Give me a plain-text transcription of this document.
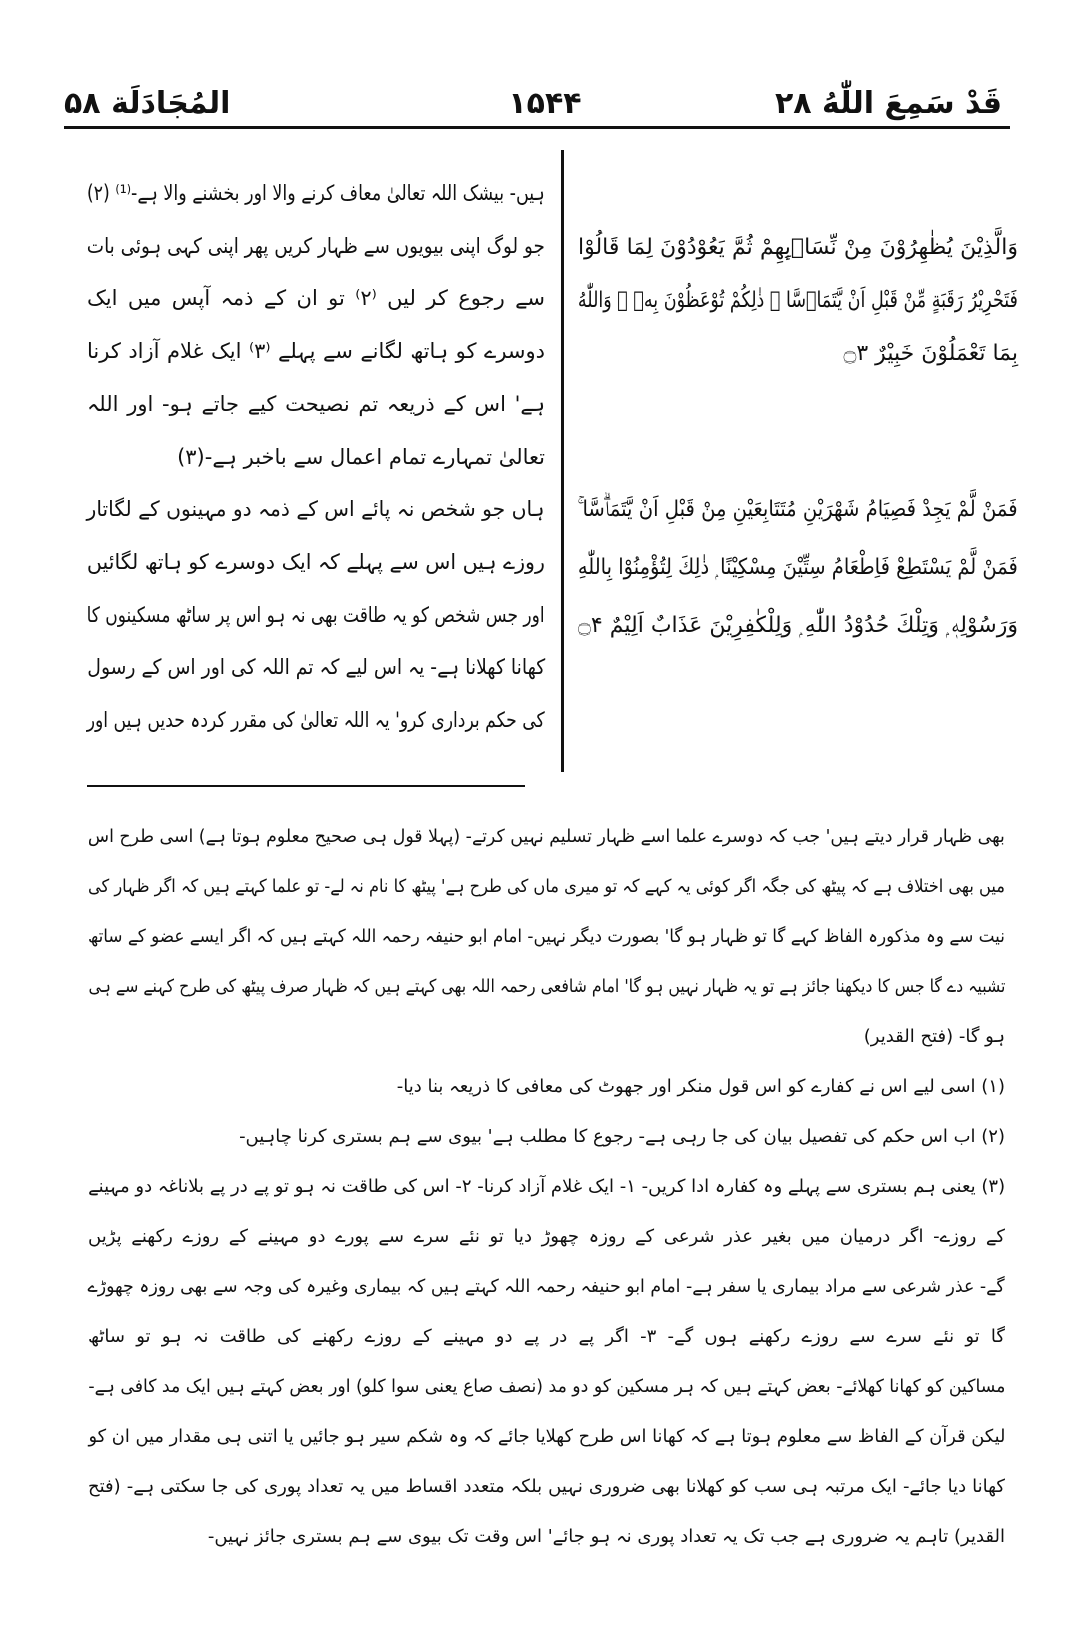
قَدْ سَمِعَ اللّٰهُ ۲۸
۱۵۴۴
المُجَادَلَة ۵۸
وَالَّذِيْنَ يُظٰهِرُوْنَ مِنْ نِّسَاۗىِٕهِمْ ثُمَّ يَعُوْدُوْنَ لِمَا قَالُوْا
فَتَحْرِيْرُ رَقَبَةٍ مِّنْ قَبْلِ اَنْ يَّتَمَاۗسَّا ۭ ذٰلِكُمْ تُوْعَظُوْنَ بِهٖ ۭ وَاللّٰهُ
بِمَا تَعْمَلُوْنَ خَبِيْرٌ ۝۳
فَمَنْ لَّمْ يَجِدْ فَصِيَامُ شَهْرَيْنِ مُتَتَابِعَيْنِ مِنْ قَبْلِ اَنْ يَّتَمَاۗسَّا ۚ
فَمَنْ لَّمْ يَسْتَطِعْ فَاِطْعَامُ سِتِّيْنَ مِسْكِيْنًا ۭ ذٰلِكَ لِتُؤْمِنُوْا بِاللّٰهِ
وَرَسُوْلِهٖ ۭ وَتِلْكَ حُدُوْدُ اللّٰهِ ۭ وَلِلْكٰفِرِيْنَ عَذَابٌ اَلِيْمٌ ۝۴
ہیں- بیشک اللہ تعالیٰ معاف کرنے والا اور بخشنے والا ہے-⁽¹⁾ (۲)
جو لوگ اپنی بیویوں سے ظہار کریں پھر اپنی کہی ہوئی بات
سے رجوع کر لیں ⁽۲⁾ تو ان کے ذمہ آپس میں ایک
دوسرے کو ہاتھ لگانے سے پہلے ⁽۳⁾ ایک غلام آزاد کرنا
ہے' اس کے ذریعہ تم نصیحت کیے جاتے ہو- اور اللہ
تعالیٰ تمہارے تمام اعمال سے باخبر ہے-(۳)
ہاں جو شخص نہ پائے اس کے ذمہ دو مہینوں کے لگاتار
روزے ہیں اس سے پہلے کہ ایک دوسرے کو ہاتھ لگائیں
اور جس شخص کو یہ طاقت بھی نہ ہو اس پر ساٹھ مسکینوں کا
کھانا کھلانا ہے- یہ اس لیے کہ تم اللہ کی اور اس کے رسول
کی حکم برداری کرو' یہ اللہ تعالیٰ کی مقرر کردہ حدیں ہیں اور
بھی ظہار قرار دیتے ہیں' جب کہ دوسرے علما اسے ظہار تسلیم نہیں کرتے- (پہلا قول ہی صحیح معلوم ہوتا ہے) اسی طرح اس
میں بھی اختلاف ہے کہ پیٹھ کی جگہ اگر کوئی یہ کہے کہ تو میری ماں کی طرح ہے' پیٹھ کا نام نہ لے- تو علما کہتے ہیں کہ اگر ظہار کی
نیت سے وہ مذکورہ الفاظ کہے گا تو ظہار ہو گا' بصورت دیگر نہیں- امام ابو حنیفہ رحمہ اللہ کہتے ہیں کہ اگر ایسے عضو کے ساتھ
تشبیہ دے گا جس کا دیکھنا جائز ہے تو یہ ظہار نہیں ہو گا' امام شافعی رحمہ اللہ بھی کہتے ہیں کہ ظہار صرف پیٹھ کی طرح کہنے سے ہی
ہو گا- (فتح القدیر)
(۱) اسی لیے اس نے کفارے کو اس قول منکر اور جھوٹ کی معافی کا ذریعہ بنا دیا-
(۲) اب اس حکم کی تفصیل بیان کی جا رہی ہے- رجوع کا مطلب ہے' بیوی سے ہم بستری کرنا چاہیں-
(۳) یعنی ہم بستری سے پہلے وہ کفارہ ادا کریں- ۱- ایک غلام آزاد کرنا- ۲- اس کی طاقت نہ ہو تو پے در پے بلاناغہ دو مہینے
کے روزے- اگر درمیان میں بغیر عذر شرعی کے روزہ چھوڑ دیا تو نئے سرے سے پورے دو مہینے کے روزے رکھنے پڑیں
گے- عذر شرعی سے مراد بیماری یا سفر ہے- امام ابو حنیفہ رحمہ اللہ کہتے ہیں کہ بیماری وغیرہ کی وجہ سے بھی روزہ چھوڑے
گا تو نئے سرے سے روزے رکھنے ہوں گے- ۳- اگر پے در پے دو مہینے کے روزے رکھنے کی طاقت نہ ہو تو ساٹھ
مساکین کو کھانا کھلائے- بعض کہتے ہیں کہ ہر مسکین کو دو مد (نصف صاع یعنی سوا کلو) اور بعض کہتے ہیں ایک مد کافی ہے-
لیکن قرآن کے الفاظ سے معلوم ہوتا ہے کہ کھانا اس طرح کھلایا جائے کہ وہ شکم سیر ہو جائیں یا اتنی ہی مقدار میں ان کو
کھانا دیا جائے- ایک مرتبہ ہی سب کو کھلانا بھی ضروری نہیں بلکہ متعدد اقساط میں یہ تعداد پوری کی جا سکتی ہے- (فتح
القدیر) تاہم یہ ضروری ہے جب تک یہ تعداد پوری نہ ہو جائے' اس وقت تک بیوی سے ہم بستری جائز نہیں-
